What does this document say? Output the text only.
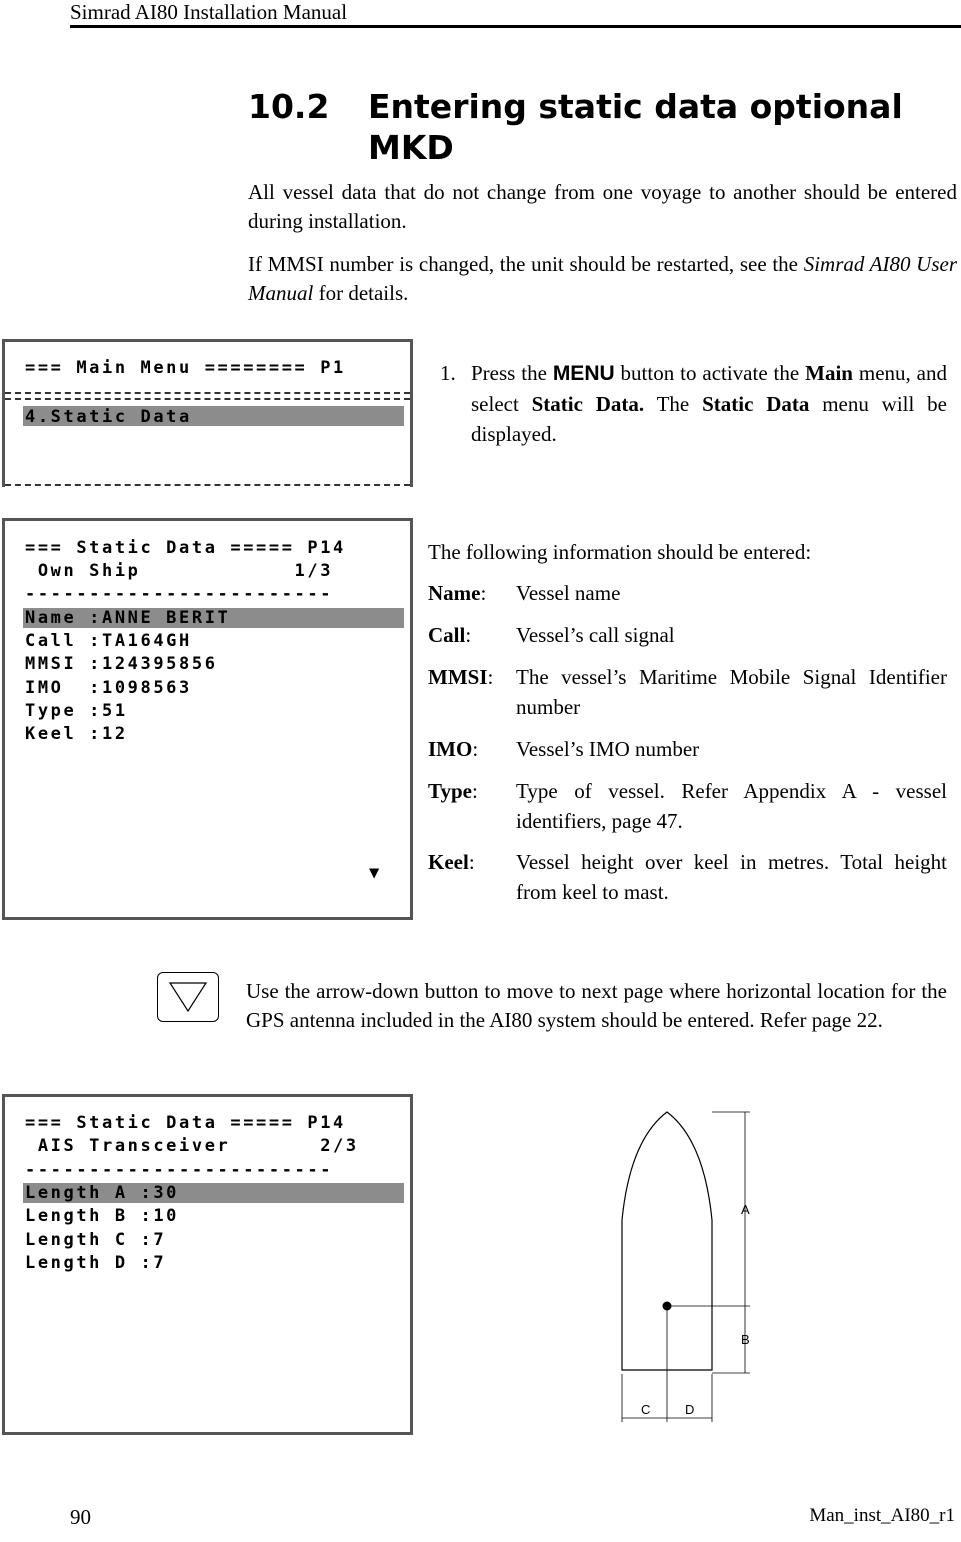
Simrad AI80 Installation Manual
10.2 Entering static data optional MKD
All vessel data that do not change from one voyage to another should be entered during installation.
If MMSI number is changed, the unit should be restarted, see the Simrad AI80 User Manual for details.
=== Main Menu ======== P1
4.Static Data
1. Press the MENU button to activate the Main menu, and select Static Data. The Static Data menu will be displayed.
=== Static Data ===== P14
Own Ship            1/3
------------------------
Name :ANNE BERIT
Call :TA164GH
MMSI :124395856
IMO  :1098563
Type :51
Keel :12
▼
The following information should be entered:
Name: Vessel name
Call: Vessel’s call signal
MMSI: The vessel’s Maritime Mobile Signal Identifier number
IMO: Vessel’s IMO number
Type: Type of vessel. Refer Appendix A - vessel identifiers, page 47.
Keel: Vessel height over keel in metres. Total height from keel to mast.
Use the arrow-down button to move to next page where horizontal location for the GPS antenna included in the AI80 system should be entered. Refer page 22.
=== Static Data ===== P14
AIS Transceiver       2/3
------------------------
Length A :30
Length B :10
Length C :7
Length D :7
A
B
C	D
90	Man_inst_AI80_r1
